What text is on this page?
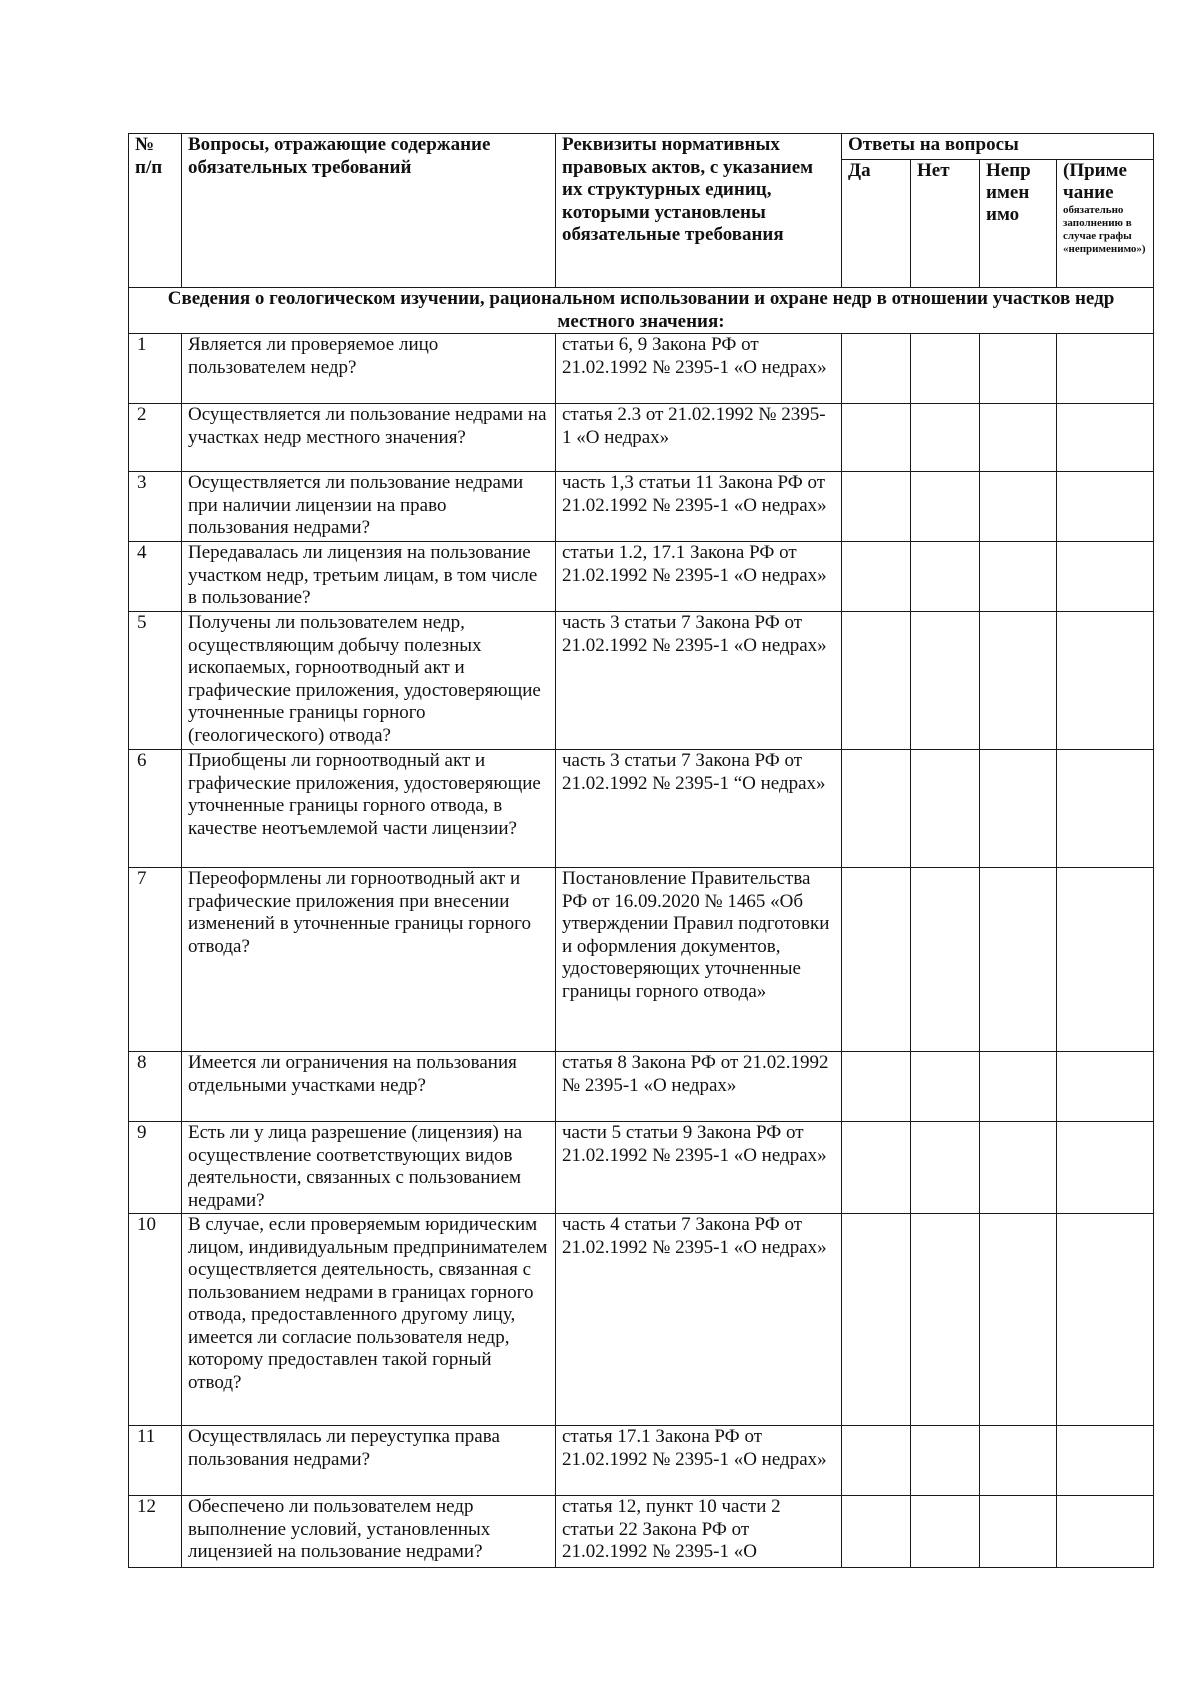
№ п/п	Вопросы, отражающие содержание обязательных требований	Реквизиты нормативных правовых актов, с указанием их структурных единиц, которыми установлены обязательные требования	Ответы на вопросы			
			Да	Нет	Непр имен имо	(Приме чание
обязательно заполнению в случае графы «неприменимо»)

Сведения о геологическом изучении, рациональном использовании и охране недр в отношении участков недр местного значения:						
1	Является ли проверяемое лицо пользователем недр?	статьи 6, 9 Закона РФ от 21.02.1992 № 2395-1 «О недрах»				
2	Осуществляется ли пользование недрами на участках недр местного значения?	статья 2.3 от 21.02.1992 № 2395-1 «О недрах»				
3	Осуществляется ли пользование недрами при наличии лицензии на право пользования недрами?	часть 1,3 статьи 11 Закона РФ от 21.02.1992 № 2395-1 «О недрах»				
4	Передавалась ли лицензия на пользование участком недр, третьим лицам, в том числе в пользование?	статьи 1.2, 17.1 Закона РФ от 21.02.1992 № 2395-1 «О недрах»				
5	Получены ли пользователем недр, осуществляющим добычу полезных ископаемых, горноотводный акт и графические приложения, удостоверяющие уточненные границы горного (геологического) отвода?	часть 3 статьи 7 Закона РФ от 21.02.1992 № 2395-1 «О недрах»				
6	Приобщены ли горноотводный акт и графические приложения, удостоверяющие уточненные границы горного отвода, в качестве неотъемлемой части лицензии?	часть 3 статьи 7 Закона РФ от 21.02.1992 № 2395-1 “О недрах»				
7	Переоформлены ли горноотводный акт и графические приложения при внесении изменений в уточненные границы горного отвода?	Постановление Правительства РФ от 16.09.2020 № 1465 «Об утверждении Правил подготовки и оформления документов, удостоверяющих уточненные границы горного отвода»				
8	Имеется ли ограничения на пользования отдельными участками недр?	статья 8 Закона РФ от 21.02.1992 № 2395-1 «О недрах»				
9	Есть ли у лица разрешение (лицензия) на осуществление соответствующих видов деятельности, связанных с пользованием недрами?	части 5 статьи 9 Закона РФ от 21.02.1992 № 2395-1 «О недрах»				
10	В случае, если проверяемым юридическим лицом, индивидуальным предпринимателем осуществляется деятельность, связанная с пользованием недрами в границах горного отвода, предоставленного другому лицу, имеется ли согласие пользователя недр, которому предоставлен такой горный отвод?	часть 4 статьи 7 Закона РФ от 21.02.1992 № 2395-1 «О недрах»				
11	Осуществлялась ли переуступка права пользования недрами?	статья 17.1 Закона РФ от 21.02.1992 № 2395-1 «О недрах»				
12	Обеспечено ли пользователем недр выполнение условий, установленных лицензией на пользование недрами?	статья 12, пункт 10 части 2 статьи 22 Закона РФ от 21.02.1992 № 2395-1 «О				
